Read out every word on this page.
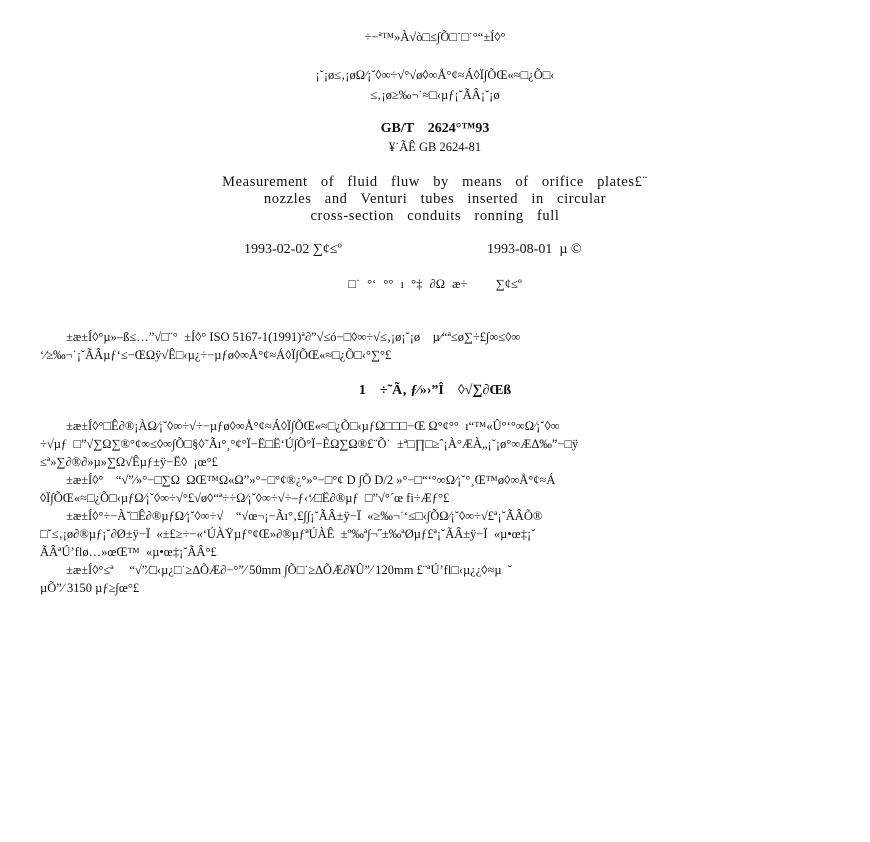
÷−ª™»À√ò□≤∫Õ□˙□˙°“±Í◊°
¡˘¡ø≤‚¡øΩ⁄¡˘◊∞÷√°√ø◊∞Å°¢≈Á◊Ï∫ÕŒ«≈□¿Õ□‹
≤‚¡ø≥‰¬˙≈□‹µƒ¡˘ÃÂ¡˘¡ø
GB/T    2624°™93
¥˙ÃÊ GB 2624-81
Measurement of fluid fluw by means of orifice plates£¨
nozzles and Venturi tubes inserted in circular
cross-section conduits ronning full
1993-02-02 ∑¢≤º	1993-08-01  µ ©
□˙ °‘ °° ı °‡ ∂Ω æ÷    ∑¢≤º
±æ±Í◊°µ»–ß≤…”√□¨°  ±Í◊° ISO 5167-1(1991)ª∂”√≤ó−□◊∞÷√≤‚¡ø¡˘¡ø    µ⁄“ª≤ø∑÷£∫∞≤◊∞
‘⁄≥‰¬˙¡˘ÃÂµƒ‘≤−ŒΩÿ√Ê□‹µ¿÷−µƒø◊∞Å°¢≈Á◊Ï∫ÕŒ«≈□¿Õ□‹°∑°£
1    ÷˜Ã‚ ƒ⁄»›”Î    ◊√∑∂Œß
±æ±Í◊°□Ê∂®¡ÀΩ⁄¡˘◊∞÷√÷−µƒø◊∞Å°¢≈Á◊Ï∫ÕŒ«≈□¿Õ□‹µƒΩ□□□−Œ Ω°¢°°  ı“™«Û°‘°∞Ω⁄¡˘◊∞
÷√µƒ  □”√∑Ω∑®°¢∞≤◊∞∫Õ□§◊˜Ãı°¸°¢°Ï−Ë□Ë‘Ú∫Õ°Ï−ÈΩ∑Ω®£¨Õ˙  ±ª□∏□≥ˆ¡À°ÆÀ„¡˘¡ø°∞ÆΔ‰”−□ÿ
≤ª»∑∂®∂»µ»∑Ω√Êµƒ±ÿ−Ë◊  ¡œ°£
±æ±Í◊°    “√”⁄»°−□∑Ω  ΩŒ™Ω«Ω”»°−□°¢®¿°»°−□°¢ D ∫Õ D/2 »°−□“‘°∞Ω⁄¡˘°¸Œ™ø◊∞Å°¢≈Á
◊Ï∫ÕŒ«≈□¿Õ□‹µƒΩ⁄¡˘◊∞÷√°£√ø◊“ª÷÷Ω⁄¡˘◊∞÷√÷–ƒ‹‘⁄□Ë∂®µƒ  □”√°´œ fi÷Æƒ°£
±æ±Í◊°÷−À˘□Ê∂®µƒΩ⁄¡˘◊∞÷√    “√œ¬¡−Ãı°‚£∫∫¡˘ÃÂ±ÿ−Ï  «≥‰¬˙‘≤□‹∫ÕΩ⁄¡˘◊∞÷√£ª¡˘ÃÂÕ®
□˘≤‚¡ø∂®µƒ¡˘∂Ø±ÿ−Ï  «±£≥÷−«‘ÚÀŸµƒ°¢Œ»∂®µƒªÚÀÊ  ±º‰ª∫¬˝±‰ªØµƒ£ª¡˘ÃÂ±ÿ−Ï  «µ•œ‡¡˘
ÃÂªÚ’flø…»œŒ™  «µ•œ‡¡˘ÃÂ°£
±æ±Í◊°≤ª     “√”⁄□‹µ¿□˙≥∆ÕÆ∂−°”⁄ 50mm ∫Õ□˙≥∆ÕÆ∂¥Û”⁄ 120mm £¨ªÚ’fl□‹µ¿¿◊≈µ  ˘
µÕ”⁄ 3150 µƒ≥∫œ°£
